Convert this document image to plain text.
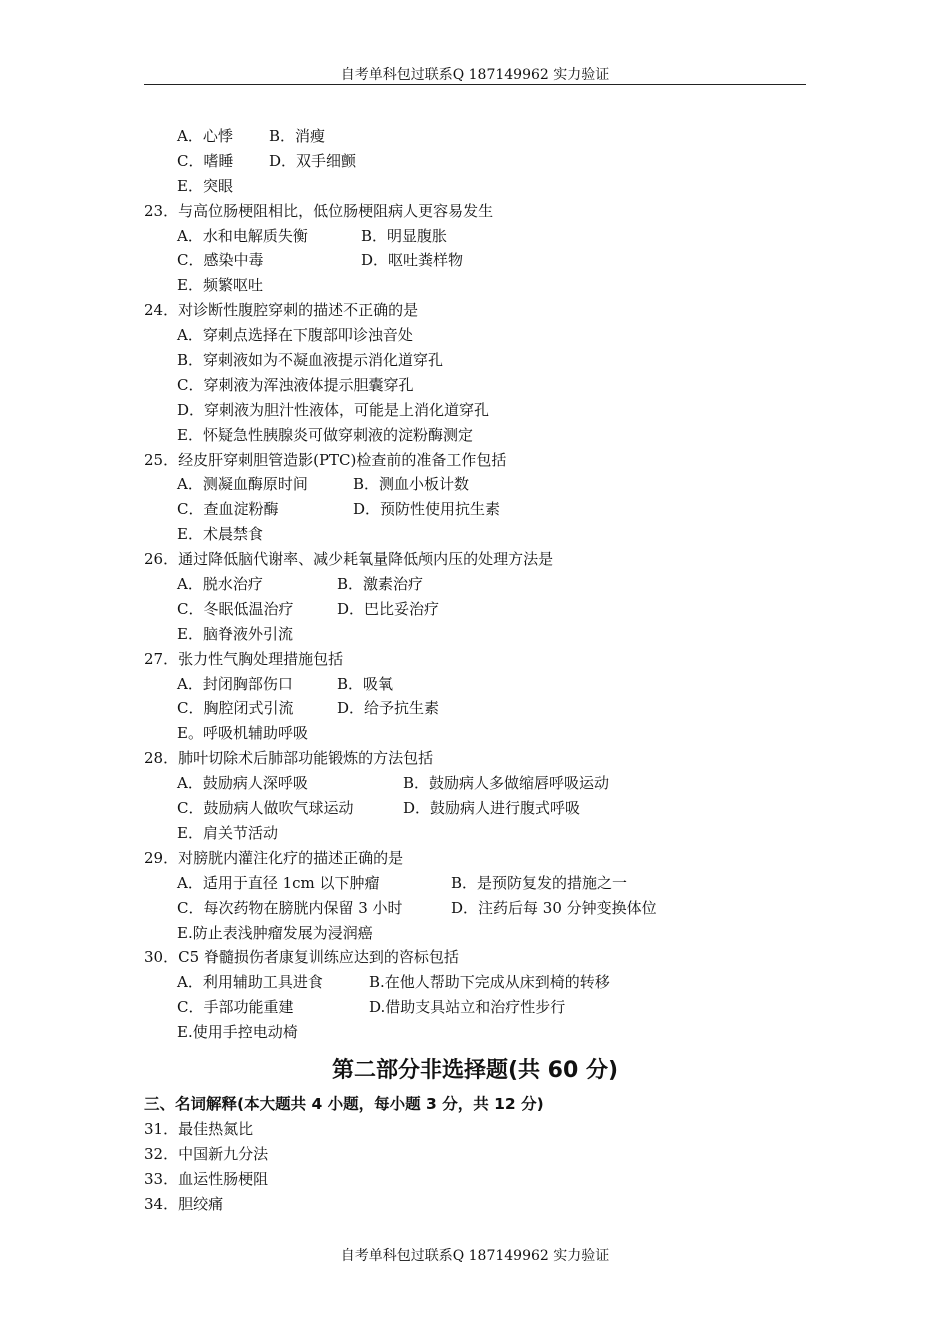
自考单科包过联系Q 187149962 实力验证
A．心悸 B．消瘦
C．嗜睡 D．双手细颤
E．突眼
23．与高位肠梗阻相比，低位肠梗阻病人更容易发生
A．水和电解质失衡	B．明显腹胀
C．感染中毒	D．呕吐粪样物
E．频繁呕吐
24．对诊断性腹腔穿刺的描述不正确的是
A．穿刺点选择在下腹部叩诊浊音处
B．穿刺液如为不凝血液提示消化道穿孔
C．穿刺液为浑浊液体提示胆囊穿孔
D．穿刺液为胆汁性液体，可能是上消化道穿孔
E．怀疑急性胰腺炎可做穿刺液的淀粉酶测定
25．经皮肝穿刺胆管造影(PTC)检查前的准备工作包括
A．测凝血酶原时间	B．测血小板计数
C．查血淀粉酶	D．预防性使用抗生素
E．术晨禁食
26．通过降低脑代谢率、减少耗氧量降低颅内压的处理方法是
A．脱水治疗	B．激素治疗
C．冬眠低温治疗	D．巴比妥治疗
E．脑脊液外引流
27．张力性气胸处理措施包括
A．封闭胸部伤口	B．吸氧
C．胸腔闭式引流	D．给予抗生素
E。呼吸机辅助呼吸
28．肺叶切除术后肺部功能锻炼的方法包括
A．鼓励病人深呼吸	B．鼓励病人多做缩唇呼吸运动
C．鼓励病人做吹气球运动	D．鼓励病人进行腹式呼吸
E．肩关节活动
29．对膀胱内灌注化疗的描述正确的是
A．适用于直径 1cm 以下肿瘤	B．是预防复发的措施之一
C．每次药物在膀胱内保留 3 小时	D．注药后每 30 分钟变换体位
E.防止表浅肿瘤发展为浸润癌
30．C5 脊髓损伤者康复训练应达到的咨标包括
A．利用辅助工具进食	B.在他人帮助下完成从床到椅的转移
C．手部功能重建	D.借助支具站立和治疗性步行
E.使用手控电动椅
第二部分非选择题(共 60 分)
三、名词解释(本大题共 4 小题，每小题 3 分，共 12 分)
31．最佳热氮比
32．中国新九分法
33．血运性肠梗阻
34．胆绞痛
自考单科包过联系Q 187149962 实力验证
